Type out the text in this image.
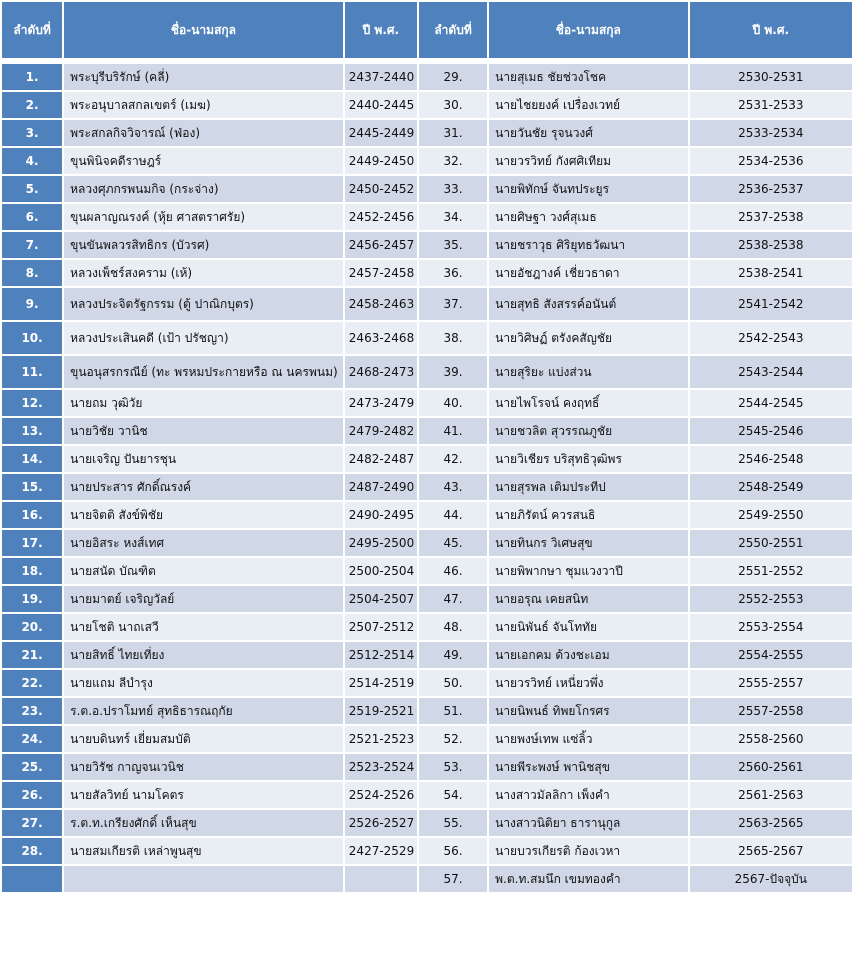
ลำดับที่	ชื่อ-นามสกุล	ปี พ.ศ.	ลำดับที่	ชื่อ-นามสกุล	ปี พ.ศ.

1.	พระบุรีบริรักษ์ (คลี่)	2437-2440	29.	นายสุเมธ ชัยช่วงโชค	2530-2531
2.	พระอนุบาลสกลเขตร์ (เมฆ)	2440-2445	30.	นายไชยยงค์ เปรื่องเวทย์	2531-2533
3.	พระสกลกิจวิจารณ์ (ฟ่อง)	2445-2449	31.	นายวันชัย รุจนวงศ์	2533-2534
4.	ขุนพินิจคดีราษฎร์	2449-2450	32.	นายวรวิทย์ กังศศิเทียม	2534-2536
5.	หลวงศุภกรพนมกิจ (กระจ่าง)	2450-2452	33.	นายพิทักษ์ จันทประยูร	2536-2537
6.	ขุนผลาญณรงค์ (หุ้ย ศาสตราศรัย)	2452-2456	34.	นายศิษฐา วงศ์สุเมธ	2537-2538
7.	ขุนขันพลวรสิทธิกร (บัวรศ)	2456-2457	35.	นายชราวุธ ศิริยุทธวัฒนา	2538-2538
8.	หลวงเพ็ชร์สงคราม (เห้)	2457-2458	36.	นายอัชฎางค์ เชี่ยวธาดา	2538-2541
9.	หลวงประจิตรัฐกรรม (ตู้ ปาณิกบุตร)	2458-2463	37.	นายสุทธิ สังสรรค์อนันต์	2541-2542
10.	หลวงประเสินคดี (เป้า ปรัชญา)	2463-2468	38.	นายวิศิษฏ์ ตรังคสัญชัย	2542-2543
11.	ขุนอนุสรกรณีย์ (ทะ พรหมประกายหรือ ณ นครพนม)	2468-2473	39.	นายสุริยะ แบ่งส่วน	2543-2544
12.	นายถม วุฒิวัย	2473-2479	40.	นายไพโรจน์ คงฤทธิ์	2544-2545
13.	นายวิชัย วานิช	2479-2482	41.	นายชวลิต สุวรรณภูชัย	2545-2546
14.	นายเจริญ ปันยารชุน	2482-2487	42.	นายวิเชียร บริสุทธิวุฒิพร	2546-2548
15.	นายประสาร ศักดิ์ณรงค์	2487-2490	43.	นายสุรพล เติมประทีป	2548-2549
16.	นายจิตติ สังข์พิชัย	2490-2495	44.	นายภิรัตน์ ควรสนธิ	2549-2550
17.	นายอิสระ หงส์เทศ	2495-2500	45.	นายทินกร วิเศษสุข	2550-2551
18.	นายสนัด บัณฑิต	2500-2504	46.	นายพิพากษา ชุมแวงวาปี	2551-2552
19.	นายมาตย์ เจริญวัลย์	2504-2507	47.	นายอรุณ เคยสนิท	2552-2553
20.	นายโชติ นาถเสวี	2507-2512	48.	นายนิพันธ์ จันโททัย	2553-2554
21.	นายสิทธิ์ ไทยเที่ยง	2512-2514	49.	นายเอกคม ด้วงชะเอม	2554-2555
22.	นายแถม ลีบำรุง	2514-2519	50.	นายวรวิทย์ เหนี่ยวพึ่ง	2555-2557
23.	ร.ต.อ.ปราโมทย์ สุทธิธารณฤกัย	2519-2521	51.	นายนิพนธ์ ทิพยโกรศร	2557-2558
24.	นายบดินทร์ เยี่ยมสมบัติ	2521-2523	52.	นายพงษ์เทพ แซ่ลิ้ว	2558-2560
25.	นายวิรัช กาญจนเวนิช	2523-2524	53.	นายพีระพงษ์ พานิชสุข	2560-2561
26.	นายสัลวิทย์ นามโคตร	2524-2526	54.	นางสาวมัลลิกา เพ็งคำ	2561-2563
27.	ร.ต.ท.เกรียงศักดิ์ เห็นสุข	2526-2527	55.	นางสาวนิติยา ธารานุกูล	2563-2565
28.	นายสมเกียรติ เหล่าพูนสุข	2427-2529	56.	นายบวรเกียรติ ก้องเวหา	2565-2567
			57.	พ.ต.ท.สมนึก เขมทองคำ	2567-ปัจจุบัน
